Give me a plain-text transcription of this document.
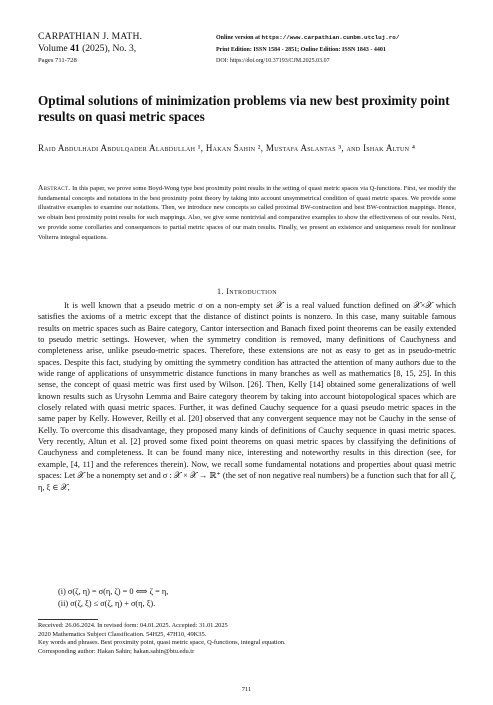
CARPATHIAN J. MATH.
Volume 41 (2025), No. 3,
Pages 711-728
Online version at https://www.carpathian.cunbm.utcluj.ro/
Print Edition: ISSN 1584 - 2851; Online Edition: ISSN 1843 - 4401
DOI: https://doi.org/10.37193/CJM.2025.03.07
Optimal solutions of minimization problems via new best proximity point results on quasi metric spaces
Raid Abdulhadi Abdulqader Alabdullah ¹, Hakan Sahin ², Mustafa Aslantas ³, and Ishak Altun ⁴
Abstract. In this paper, we prove some Boyd-Wong type best proximity point results in the setting of quasi metric spaces via Q-functions. First, we modify the fundamental concepts and notations in the best proximity point theory by taking into account unsymmetrical condition of quasi metric spaces. We provide some illustrative examples to examine our notations. Then, we introduce new concepts so called proximal BW-contraction and best BW-contraction mappings. Hence, we obtain best proximity point results for such mappings. Also, we give some nontrivial and comparative examples to show the effectiveness of our results. Next, we provide some corollaries and consequences to partial metric spaces of our main results. Finally, we present an existence and uniqueness result for nonlinear Volterra integral equations.
1. Introduction
It is well known that a pseudo metric σ on a non-empty set 𝒳 is a real valued function defined on 𝒳×𝒳 which satisfies the axioms of a metric except that the distance of distinct points is nonzero. In this case, many suitable famous results on metric spaces such as Baire category, Cantor intersection and Banach fixed point theorems can be easily extended to pseudo metric settings. However, when the symmetry condition is removed, many definitions of Cauchyness and completeness arise, unlike pseudo-metric spaces. Therefore, these extensions are not as easy to get as in pseudo-metric spaces. Despite this fact, studying by omitting the symmetry condition has attracted the attention of many authors due to the wide range of applications of unsymmetric distance functions in many branches as well as mathematics [8, 15, 25]. In this sense, the concept of quasi metric was first used by Wilson. [26]. Then, Kelly [14] obtained some generalizations of well known results such as Urysohn Lemma and Baire category theorem by taking into account biotopological spaces which are closely related with quasi metric spaces. Further, it was defined Cauchy sequence for a quasi pseudo metric spaces in the same paper by Kelly. However, Reilly et al. [20] observed that any convergent sequence may not be Cauchy in the sense of Kelly. To overcome this disadvantage, they proposed many kinds of definitions of Cauchy sequence in quasi metric spaces. Very recently, Altun et al. [2] proved some fixed point theorems on quasi metric spaces by classifying the definitions of Cauchyness and completeness. It can be found many nice, interesting and noteworthy results in this direction (see, for example, [4, 11] and the references therein). Now, we recall some fundamental notations and properties about quasi metric spaces: Let 𝒳 be a nonempty set and σ : 𝒳 × 𝒳 → ℝ⁺ (the set of non negative real numbers) be a function such that for all ζ, η, ξ ∈ 𝒳,
(i) σ(ζ, η) = σ(η, ζ) = 0 ⟺ ζ = η,
(ii) σ(ζ, ξ) ≤ σ(ζ, η) + σ(η, ξ).
Received: 26.06.2024. In revised form: 04.01.2025. Accepted: 31.01.2025
2020 Mathematics Subject Classification. 54H25, 47H10, 49K35.
Key words and phrases. Best proximity point, quasi metric space, Q-functions, integral equation.
Corresponding author: Hakan Sahin; hakan.sahin@btu.edu.tr
711
